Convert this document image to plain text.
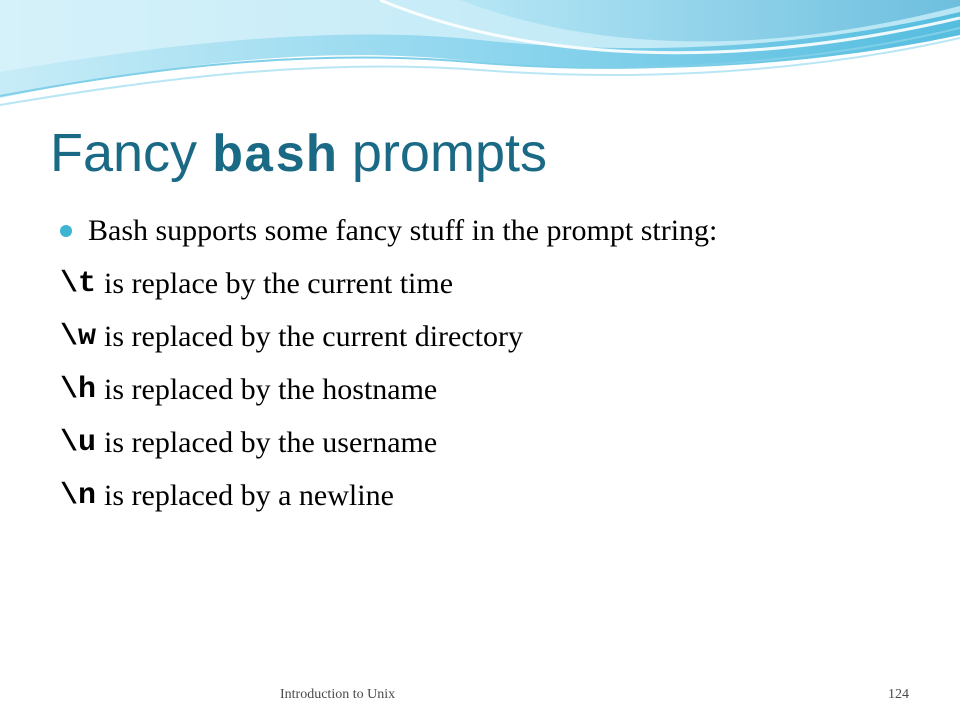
Fancy bash prompts
Bash supports some fancy stuff in the prompt string:
\t is replace by the current time
\w is replaced by the current directory
\h is replaced by the hostname
\u is replaced by the username
\n is replaced by a newline
Introduction to Unix	124
